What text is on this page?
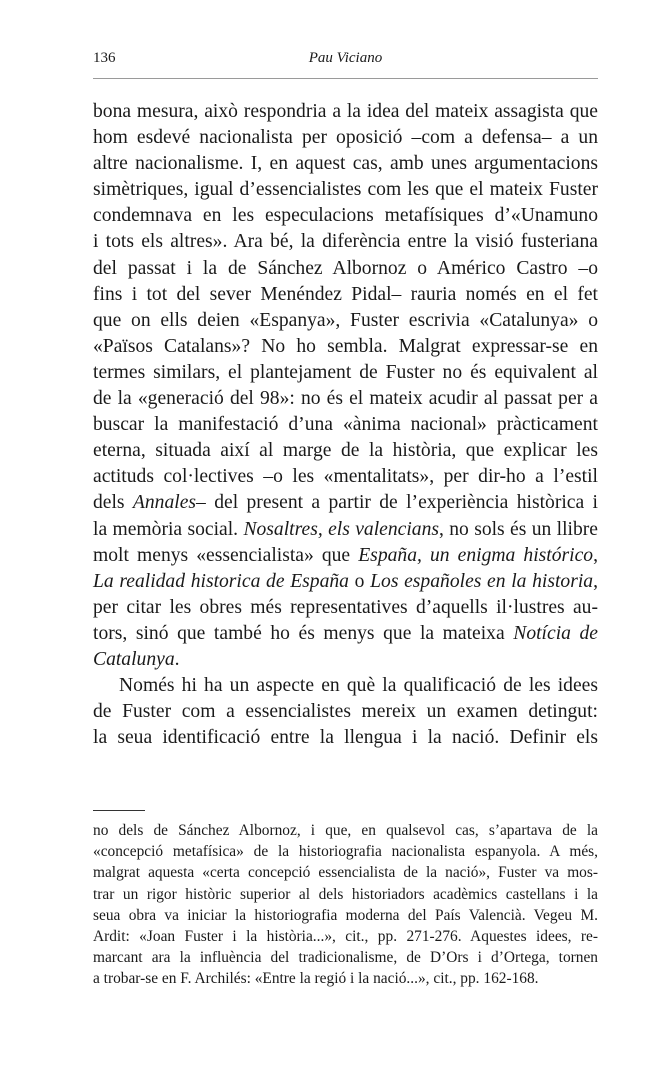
136	Pau Viciano

bona mesura, això respondria a la idea del mateix assagista que
hom esdevé nacionalista per oposició –com a defensa– a un
altre nacionalisme. I, en aquest cas, amb unes argumentacions
simètriques, igual d’essencialistes com les que el mateix Fuster
condemnava en les especulacions metafísiques d’«Unamuno
i tots els altres». Ara bé, la diferència entre la visió fusteriana
del passat i la de Sánchez Albornoz o Américo Castro –o
fins i tot del sever Menéndez Pidal– rauria només en el fet
que on ells deien «Espanya», Fuster escrivia «Catalunya» o
«Països Catalans»? No ho sembla. Malgrat expressar-se en
termes similars, el plantejament de Fuster no és equivalent al
de la «generació del 98»: no és el mateix acudir al passat per a
buscar la manifestació d’una «ànima nacional» pràcticament
eterna, situada així al marge de la història, que explicar les
actituds col·lectives –o les «mentalitats», per dir-ho a l’estil
dels Annales– del present a partir de l’experiència històrica i
la memòria social. Nosaltres, els valencians, no sols és un llibre
molt menys «essencialista» que España, un enigma histórico,
La realidad historica de España o Los españoles en la historia,
per citar les obres més representatives d’aquells il·lustres au-
tors, sinó que també ho és menys que la mateixa Notícia de
Catalunya.

Només hi ha un aspecte en què la qualificació de les idees
de Fuster com a essencialistes mereix un examen detingut:
la seua identificació entre la llengua i la nació. Definir els

no dels de Sánchez Albornoz, i que, en qualsevol cas, s’apartava de la
«concepció metafísica» de la historiografia nacionalista espanyola. A més,
malgrat aquesta «certa concepció essencialista de la nació», Fuster va mos-
trar un rigor històric superior al dels historiadors acadèmics castellans i la
seua obra va iniciar la historiografia moderna del País Valencià. Vegeu M.
Ardit: «Joan Fuster i la història...», cit., pp. 271-276. Aquestes idees, re-
marcant ara la influència del tradicionalisme, de D’Ors i d’Ortega, tornen
a trobar-se en F. Archilés: «Entre la regió i la nació...», cit., pp. 162-168.
